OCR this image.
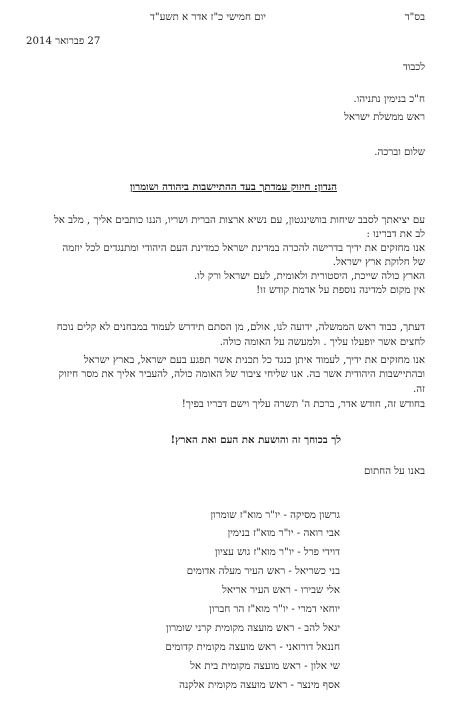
בס"ד
יום חמישי כ"ז אדר א תשע"ד
27 פברואר 2014
לכבוד
ח"כ בנימין נתניהו.
ראש ממשלת ישראל
שלום וברכה.
הנדון: חיזוק עמדתך בעד ההתיישבות ביהודה ושומרון
עם יציאתך לסבב שיחות בוושינגטון, עם נשיא ארצות הברית ושריו, הננו כותבים אליך , מלב אל
לב את דברינו :
אנו מחזקים את ידיך בדרישה להכרה במדינת ישראל כמדינת העם היהודי ומתנגדים לכל יוזמה
של חלוקת ארץ ישראל.
הארץ כולה שייכת, היסטורית ולאומית, לעם ישראל ורק לו.
אין מקום למדינה נוספת על אדמת קודש זו!
דעתך, כבוד ראש הממשלה, ידועה לנו, אולם, מן הסתם תידרש לעמוד במבחנים לא קלים נוכח
לחצים אשר יופעלו עליך . ולמעשה על האומה כולה.
אנו מחזקים את ידיך, לעמוד איתן כנגד כל תכנית אשר תפגע בעם ישראל, בארץ ישראל
ובהתיישבות היהודית אשר בה. אנו שליחי ציבור של האומה כולה, להעביר אליך את מסר חיזוק
זה.
בחודש זה, חודש אדר, ברכת ה' תשרה עליך וישם דבריו בפיך!
לך בכוחך זה והושעת את העם ואת הארץ!
באנו על החתום
גרשון מסיקה - יו"ר מוא"ז שומרון
אבי רואה - יו"ר מוא"ז בנימין
דוידי פרל - יו"ר מוא"ז גוש עציון
בני כשריאל - ראש העיר מעלה אדומים
אלי שבירו - ראש העיר אריאל
יוחאי דמרי - יו"ר מוא"ז הר חברון
יגאל להב - ראש מועצה מקומית קרני שומרון
חננאל דורואני - ראש מועצה מקומית קדומים
שי אלון - ראש מועצה מקומית בית אל
אסף מינצר - ראש מועצה מקומית אלקנה
